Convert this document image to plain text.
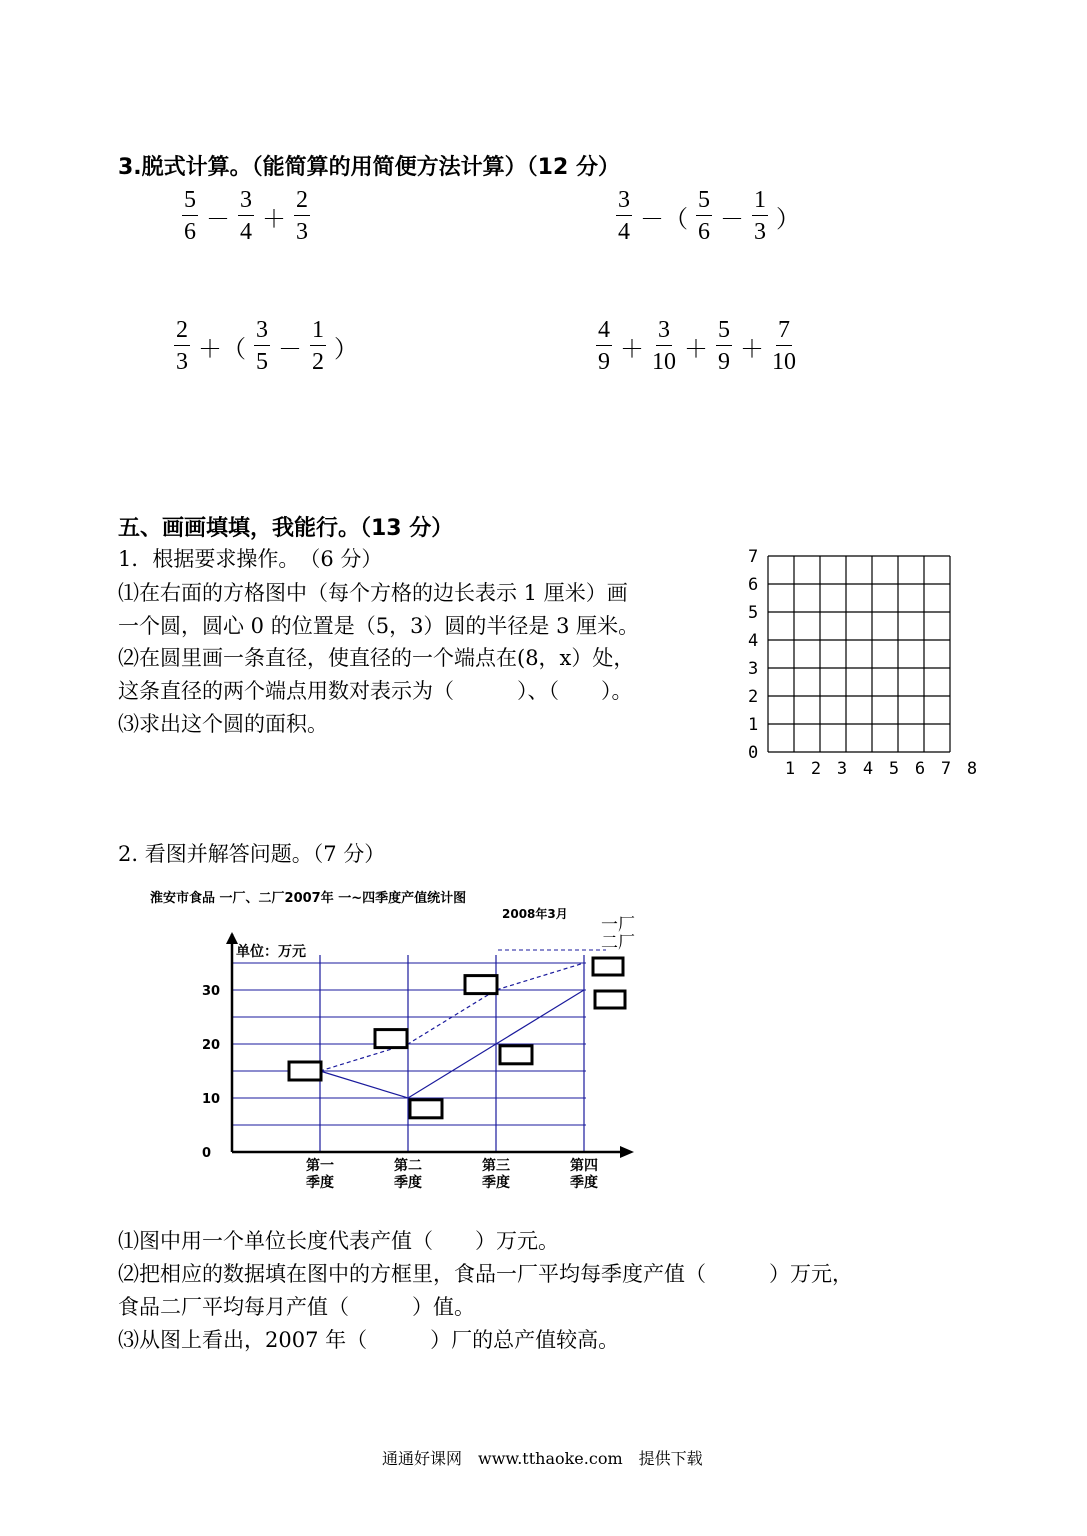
3.脱式计算。（能简算的用简便方法计算）（12 分）
$\frac{5}{6} - \frac{3}{4} + \frac{2}{3}$	$\frac{3}{4}$ －（ $\frac{5}{6} - \frac{1}{3}$ ）
$\frac{2}{3}$ ＋（ $\frac{3}{5} - \frac{1}{2}$ ）	$\frac{4}{9} + \frac{3}{10} + \frac{5}{9} + \frac{7}{10}$
五、画画填填，我能行。（13 分）
1．根据要求操作。　（6 分）
⑴在右面的方格图中（每个方格的边长表示 1 厘米）画
一个圆，圆心 0 的位置是（5，3）圆的半径是 3 厘米。
⑵在圆里画一条直径，使直径的一个端点在(8，x）处，
这条直径的两个端点用数对表示为（　　　）、（　　）。
⑶求出这个圆的面积。
7
6
5
4
3
2
1
0
1 2 3 4 5 6 7 8
2. 看图并解答问题。（7 分）
淮安市食品 一厂、二厂2007年 一~四季度产值统计图
2008年3月
单位：万元
0
10
20
30
第一
季度
第二
季度
第三
季度
第四
季度
一厂
二厂
⑴图中用一个单位长度代表产值（　　）万元。
⑵把相应的数据填在图中的方框里，食品一厂平均每季度产值（　　　）万元，
食品二厂平均每月产值（　　　）值。
⑶从图上看出，2007 年（　　　）厂的总产值较高。
通通好课网　www.tthaoke.com　提供下载
